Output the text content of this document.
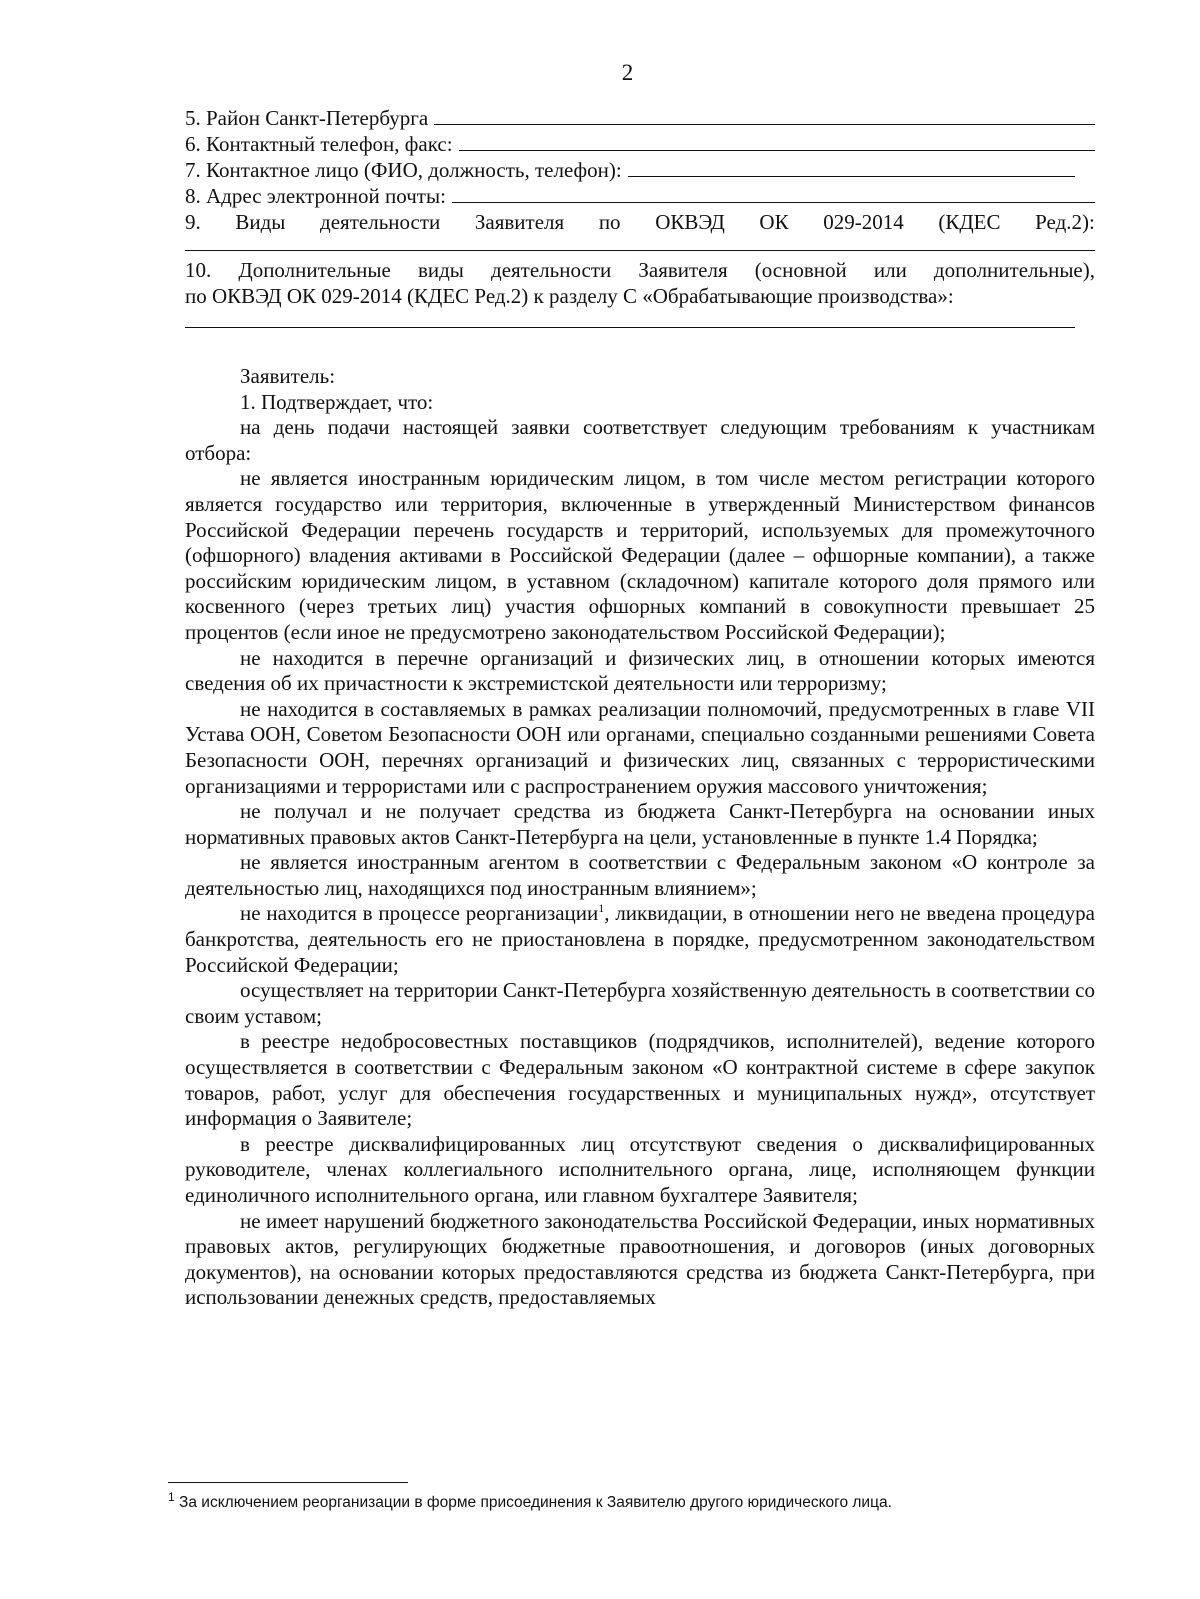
2
5. Район Санкт-Петербурга
6. Контактный телефон, факс:
7. Контактное лицо (ФИО, должность, телефон):
8. Адрес электронной почты:
9. Виды деятельности Заявителя по ОКВЭД ОК 029-2014 (КДЕС Ред.2):
10. Дополнительные виды деятельности Заявителя (основной или дополнительные),
по ОКВЭД ОК 029-2014 (КДЕС Ред.2) к разделу С «Обрабатывающие производства»:

Заявитель:

1. Подтверждает, что:

на день подачи настоящей заявки соответствует следующим требованиям к участникам отбора:

не является иностранным юридическим лицом, в том числе местом регистрации которого является государство или территория, включенные в утвержденный Министерством финансов Российской Федерации перечень государств и территорий, используемых для промежуточного (офшорного) владения активами в Российской Федерации (далее – офшорные компании), а также российским юридическим лицом, в уставном (складочном) капитале которого доля прямого или косвенного (через третьих лиц) участия офшорных компаний в совокупности превышает 25 процентов (если иное не предусмотрено законодательством Российской Федерации);

не находится в перечне организаций и физических лиц, в отношении которых имеются сведения об их причастности к экстремистской деятельности или терроризму;

не находится в составляемых в рамках реализации полномочий, предусмотренных в главе VII Устава ООН, Советом Безопасности ООН или органами, специально созданными решениями Совета Безопасности ООН, перечнях организаций и физических лиц, связанных с террористическими организациями и террористами или с распространением оружия массового уничтожения;

не получал и не получает средства из бюджета Санкт-Петербурга на основании иных нормативных правовых актов Санкт-Петербурга на цели, установленные в пункте 1.4 Порядка;

не является иностранным агентом в соответствии с Федеральным законом «О контроле за деятельностью лиц, находящихся под иностранным влиянием»;

не находится в процессе реорганизации$^1$, ликвидации, в отношении него не введена процедура банкротства, деятельность его не приостановлена в порядке, предусмотренном законодательством Российской Федерации;

осуществляет на территории Санкт-Петербурга хозяйственную деятельность в соответствии со своим уставом;

в реестре недобросовестных поставщиков (подрядчиков, исполнителей), ведение которого осуществляется в соответствии с Федеральным законом «О контрактной системе в сфере закупок товаров, работ, услуг для обеспечения государственных и муниципальных нужд», отсутствует информация о Заявителе;

в реестре дисквалифицированных лиц отсутствуют сведения о дисквалифицированных руководителе, членах коллегиального исполнительного органа, лице, исполняющем функции единоличного исполнительного органа, или главном бухгалтере Заявителя;

не имеет нарушений бюджетного законодательства Российской Федерации, иных нормативных правовых актов, регулирующих бюджетные правоотношения, и договоров (иных договорных документов), на основании которых предоставляются средства из бюджета Санкт-Петербурга, при использовании денежных средств, предоставляемых

$^1$ За исключением реорганизации в форме присоединения к Заявителю другого юридического лица.
